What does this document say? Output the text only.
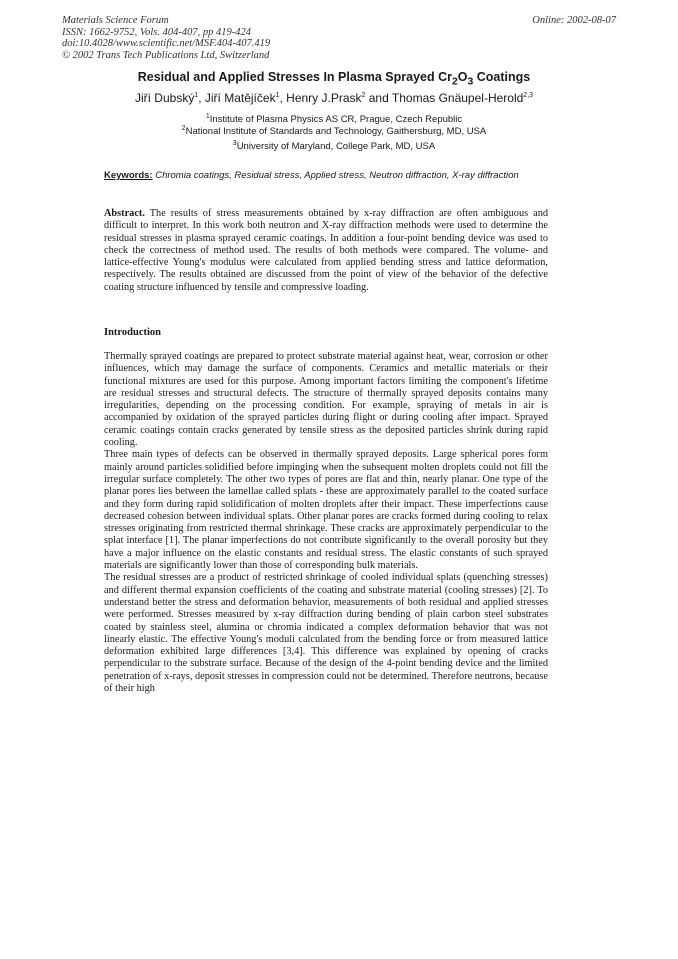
Materials Science Forum
ISSN: 1662-9752, Vols. 404-407, pp 419-424
doi:10.4028/www.scientific.net/MSF.404-407.419
© 2002 Trans Tech Publications Ltd, Switzerland
Online: 2002-08-07
Residual and Applied Stresses In Plasma Sprayed $Cr_2O_3$ Coatings
Jiří Dubský$^1$, Jiří Matějíček$^1$, Henry J.Prask$^2$ and Thomas Gnäupel-Herold$^{2,3}$
$^1$Institute of Plasma Physics AS CR, Prague, Czech Republic
$^2$National Institute of Standards and Technology, Gaithersburg, MD, USA
$^3$University of Maryland, College Park, MD, USA
Keywords: Chromia coatings, Residual stress, Applied stress, Neutron diffraction, X-ray diffraction
Abstract. The results of stress measurements obtained by x-ray diffraction are often ambiguous and difficult to interpret. In this work both neutron and X-ray diffraction methods were used to determine the residual stresses in plasma sprayed ceramic coatings. In addition a four-point bending device was used to check the correctness of method used. The results of both methods were compared. The volume- and lattice-effective Young's modulus were calculated from applied bending stress and lattice deformation, respectively. The results obtained are discussed from the point of view of the behavior of the defective coating structure influenced by tensile and compressive loading.
Introduction

Thermally sprayed coatings are prepared to protect substrate material against heat, wear, corrosion or other influences, which may damage the surface of components. Ceramics and metallic materials or their functional mixtures are used for this purpose. Among important factors limiting the component's lifetime are residual stresses and structural defects. The structure of thermally sprayed deposits contains many irregularities, depending on the processing condition. For example, spraying of metals in air is accompanied by oxidation of the sprayed particles during flight or during cooling after impact. Sprayed ceramic coatings contain cracks generated by tensile stress as the deposited particles shrink during rapid cooling.

Three main types of defects can be observed in thermally sprayed deposits. Large spherical pores form mainly around particles solidified before impinging when the subsequent molten droplets could not fill the irregular surface completely. The other two types of pores are flat and thin, nearly planar. One type of the planar pores lies between the lamellae called splats - these are approximately parallel to the coated surface and they form during rapid solidification of molten droplets after their impact. These imperfections cause decreased cohesion between individual splats. Other planar pores are cracks formed during cooling to relax stresses originating from restricted thermal shrinkage. These cracks are approximately perpendicular to the splat interface [1]. The planar imperfections do not contribute significantly to the overall porosity but they have a major influence on the elastic constants and residual stress. The elastic constants of such sprayed materials are significantly lower than those of corresponding bulk materials.

The residual stresses are a product of restricted shrinkage of cooled individual splats (quenching stresses) and different thermal expansion coefficients of the coating and substrate material (cooling stresses) [2]. To understand better the stress and deformation behavior, measurements of both residual and applied stresses were performed. Stresses measured by x-ray diffraction during bending of plain carbon steel substrates coated by stainless steel, alumina or chromia indicated a complex deformation behavior that was not linearly elastic. The effective Young's moduli calculated from the bending force or from measured lattice deformation exhibited large differences [3,4]. This difference was explained by opening of cracks perpendicular to the substrate surface. Because of the design of the 4-point bending device and the limited penetration of x-rays, deposit stresses in compression could not be determined. Therefore neutrons, because of their high
